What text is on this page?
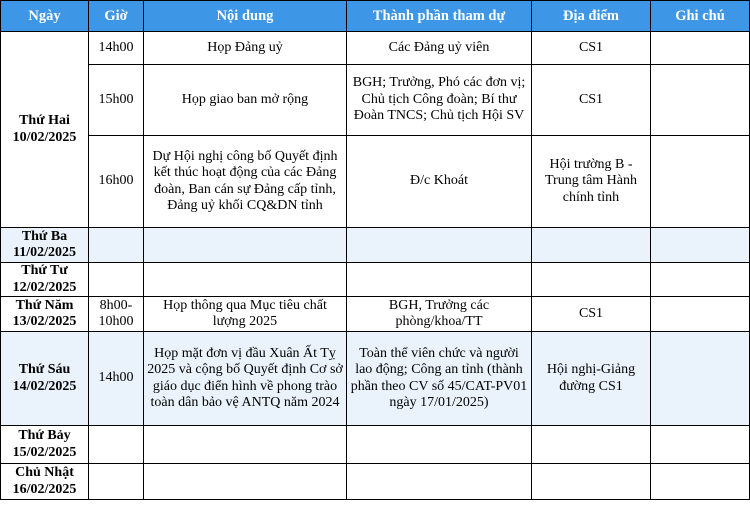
Ngày	Giờ	Nội dung	Thành phần tham dự	Địa điểm	Ghi chú
Thứ Hai
10/02/2025	14h00	Họp Đảng uỷ	Các Đảng uỷ viên	CS1	
	15h00	Họp giao ban mở rộng	BGH; Trưởng, Phó các đơn vị; Chủ tịch Công đoàn; Bí thư Đoàn TNCS; Chủ tịch Hội SV	CS1	
	16h00	Dự Hội nghị công bố Quyết định kết thúc hoạt động của các Đảng đoàn, Ban cán sự Đảng cấp tỉnh, Đảng uỷ khối CQ&DN tỉnh	Đ/c Khoát	Hội trường B - Trung tâm Hành chính tỉnh	
Thứ Ba
11/02/2025					
Thứ Tư
12/02/2025					
Thứ Năm
13/02/2025	8h00-10h00	Họp thông qua Mục tiêu chất lượng 2025	BGH, Trưởng các phòng/khoa/TT	CS1	
Thứ Sáu
14/02/2025	14h00	Họp mặt đơn vị đầu Xuân Ất Tỵ 2025 và cộng bố Quyết định Cơ sở giáo dục điển hình về phong trào toàn dân bảo vệ ANTQ năm 2024	Toàn thể viên chức và người lao động; Công an tỉnh (thành phần theo CV số 45/CAT-PV01 ngày 17/01/2025)	Hội nghị-Giảng đường CS1	
Thứ Bảy
15/02/2025					
Chủ Nhật
16/02/2025					
